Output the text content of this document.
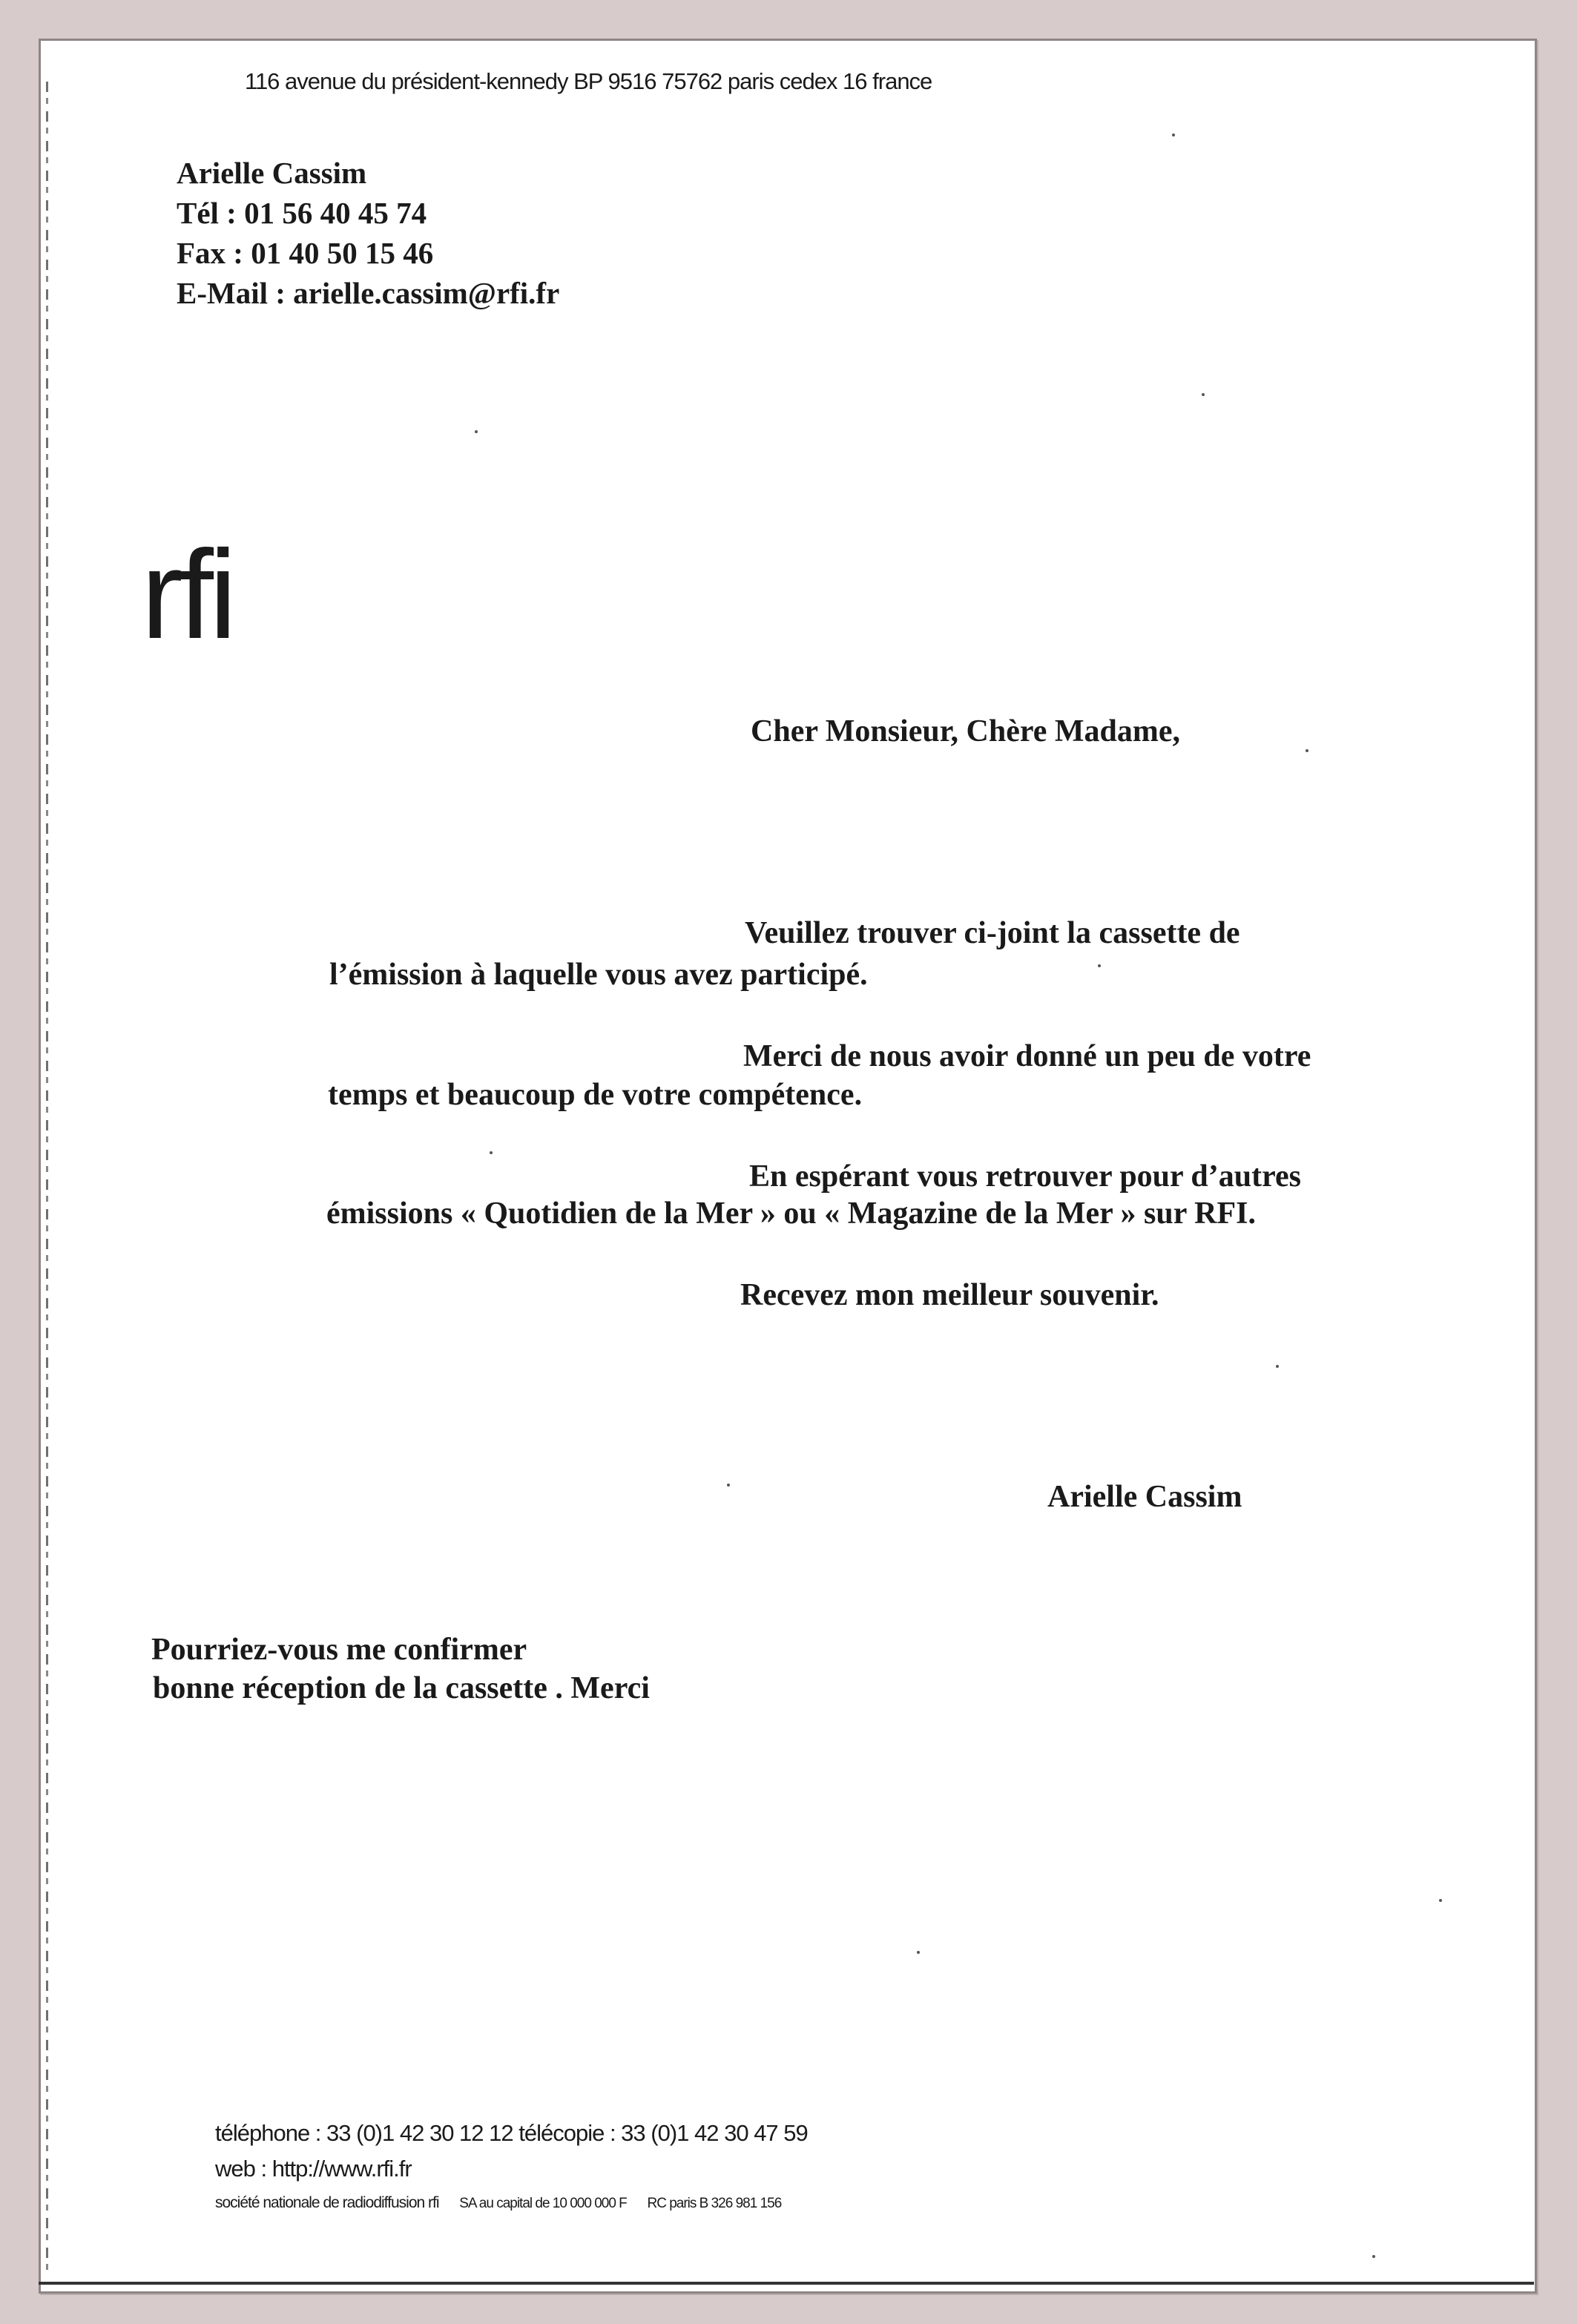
116 avenue du président-kennedy BP 9516 75762 paris cedex 16 france
Arielle Cassim
Tél : 01 56 40 45 74
Fax : 01 40 50 15 46
E-Mail : arielle.cassim@rfi.fr
rfi
Cher Monsieur, Chère Madame,
Veuillez trouver ci-joint la cassette de
l’émission à laquelle vous avez participé.
Merci de nous avoir donné un peu de votre
temps et beaucoup de votre compétence.
En espérant vous retrouver pour d’autres
émissions « Quotidien de la Mer » ou « Magazine de la Mer » sur RFI.
Recevez mon meilleur souvenir.
Arielle Cassim
Pourriez-vous me confirmer
bonne réception de la cassette . Merci
téléphone : 33 (0)1 42 30 12 12 télécopie : 33 (0)1 42 30 47 59
web : http://www.rfi.fr
société nationale de radiodiffusion rfi SA au capital de 10 000 000 F RC paris B 326 981 156
